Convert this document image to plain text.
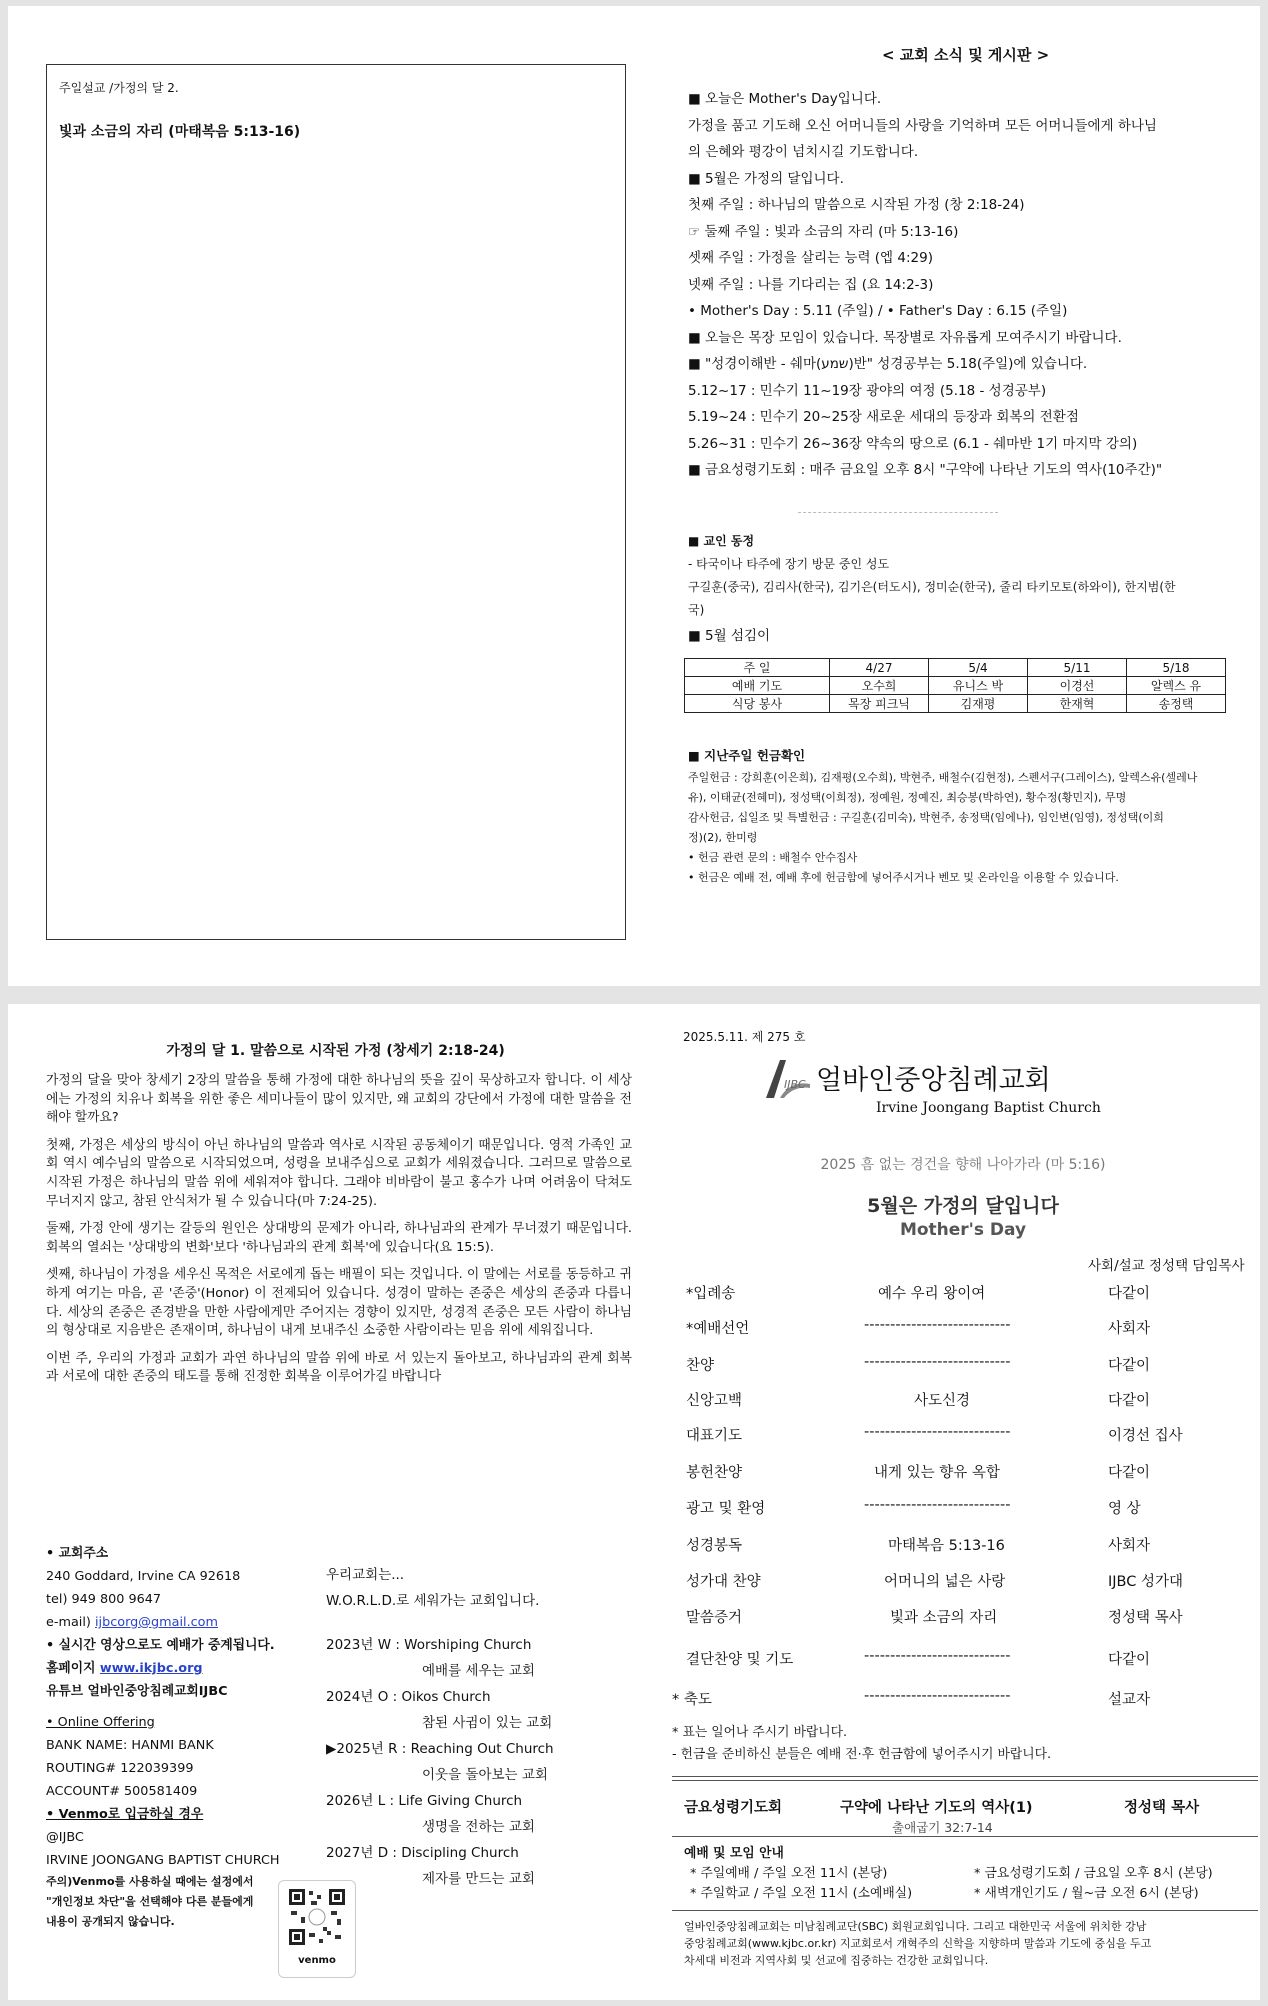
주일설교 /가정의 달 2.
빛과 소금의 자리 (마태복음 5:13-16)
< 교회 소식 및 게시판 >
■ 오늘은 Mother's Day입니다.
가정을 품고 기도해 오신 어머니들의 사랑을 기억하며 모든 어머니들에게 하나님
의 은혜와 평강이 넘치시길 기도합니다.
■ 5월은 가정의 달입니다.
첫째 주일 : 하나님의 말씀으로 시작된 가정 (창 2:18-24)
☞ 둘째 주일 : 빛과 소금의 자리 (마 5:13-16)
셋째 주일 : 가정을 살리는 능력 (엡 4:29)
넷째 주일 : 나를 기다리는 집 (요 14:2-3)
• Mother's Day : 5.11 (주일) / • Father's Day : 6.15 (주일)
■ 오늘은 목장 모임이 있습니다. 목장별로 자유롭게 모여주시기 바랍니다.
■ "성경이해반 - 쉐마(שמע)반" 성경공부는 5.18(주일)에 있습니다.
5.12~17 : 민수기 11~19장 광야의 여정 (5.18 - 성경공부)
5.19~24 : 민수기 20~25장 새로운 세대의 등장과 회복의 전환점
5.26~31 : 민수기 26~36장 약속의 땅으로 (6.1 - 쉐마반 1기 마지막 강의)
■ 금요성령기도회 : 매주 금요일 오후 8시 "구약에 나타난 기도의 역사(10주간)"
■ 교인 동정
- 타국이나 타주에 장기 방문 중인 성도
구길훈(중국), 김리사(한국), 김기은(터도시), 정미순(한국), 줄리 타키모토(하와이), 한지범(한
국)
■ 5월 섬김이
주 일	4/27	5/4	5/11	5/18
예배 기도	오수희	유니스 박	이경선	알렉스 유
식당 봉사	목장 피크닉	김재평	한재혁	송정택
■ 지난주일 헌금확인
주일헌금 : 강희훈(이은희), 김재평(오수희), 박현주, 배철수(김현정), 스펜서구(그레이스), 알렉스유(셀레나
유), 이태균(전혜미), 정성택(이희정), 정예원, 정예진, 최승봉(박하연), 황수정(황민지), 무명
감사헌금, 십일조 및 특별헌금 : 구길훈(김미숙), 박현주, 송정택(임에나), 임인변(임영), 정성택(이희
정)(2), 한미령
• 헌금 관련 문의 : 배철수 안수집사
• 헌금은 예배 전, 예배 후에 헌금함에 넣어주시거나 벤모 및 온라인을 이용할 수 있습니다.
가정의 달 1. 말씀으로 시작된 가정 (창세기 2:18-24)

가정의 달을 맞아 창세기 2장의 말씀을 통해 가정에 대한 하나님의 뜻을 깊이 묵상하고자 합니다. 이 세상에는 가정의 치유나 회복을 위한 좋은 세미나들이 많이 있지만, 왜 교회의 강단에서 가정에 대한 말씀을 전해야 할까요?

첫째, 가정은 세상의 방식이 아닌 하나님의 말씀과 역사로 시작된 공동체이기 때문입니다. 영적 가족인 교회 역시 예수님의 말씀으로 시작되었으며, 성령을 보내주심으로 교회가 세워졌습니다. 그러므로 말씀으로 시작된 가정은 하나님의 말씀 위에 세워져야 합니다. 그래야 비바람이 불고 홍수가 나며 어려움이 닥쳐도 무너지지 않고, 참된 안식처가 될 수 있습니다(마 7:24-25).

둘째, 가정 안에 생기는 갈등의 원인은 상대방의 문제가 아니라, 하나님과의 관계가 무너졌기 때문입니다. 회복의 열쇠는 '상대방의 변화'보다 '하나님과의 관계 회복'에 있습니다(요 15:5).

셋째, 하나님이 가정을 세우신 목적은 서로에게 돕는 배필이 되는 것입니다. 이 말에는 서로를 동등하고 귀하게 여기는 마음, 곧 '존중'(Honor) 이 전제되어 있습니다. 성경이 말하는 존중은 세상의 존중과 다릅니다. 세상의 존중은 존경받을 만한 사람에게만 주어지는 경향이 있지만, 성경적 존중은 모든 사람이 하나님의 형상대로 지음받은 존재이며, 하나님이 내게 보내주신 소중한 사람이라는 믿음 위에 세워집니다.

이번 주, 우리의 가정과 교회가 과연 하나님의 말씀 위에 바로 서 있는지 돌아보고, 하나님과의 관계 회복과 서로에 대한 존중의 태도를 통해 진정한 회복을 이루어가길 바랍니다

• 교회주소
240 Goddard, Irvine CA 92618
tel) 949 800 9647
e-mail) ijbcorg@gmail.com
• 실시간 영상으로도 예배가 중계됩니다.
홈페이지 www.ikjbc.org
유튜브 얼바인중앙침례교회IJBC
• Online Offering
BANK NAME: HANMI BANK
ROUTING# 122039399
ACCOUNT# 500581409
• Venmo로 입금하실 경우
@IJBC
IRVINE JOONGANG BAPTIST CHURCH
주의)Venmo를 사용하실 때에는 설정에서
"개인정보 차단"을 선택해야 다른 분들에게
내용이 공개되지 않습니다.
우리교회는...
W.O.R.L.D.로 세워가는 교회입니다.
2023년 W : Worshiping Church
예배를 세우는 교회
2024년 O : Oikos Church
참된 사귐이 있는 교회
▶2025년 R : Reaching Out Church
이웃을 돌아보는 교회
2026년 L : Life Giving Church
생명을 전하는 교회
2027년 D : Discipling Church
제자를 만드는 교회
venmo
2025.5.11. 제 275 호
IJBC 얼바인중앙침례교회
Irvine Joongang Baptist Church
2025 흠 없는 경건을 향해 나아가라 (마 5:16)
5월은 가정의 달입니다
Mother's Day
사회/설교 정성택 담임목사
*입례송	예수 우리 왕이여	다같이
*예배선언	----------------------------	사회자
찬양	----------------------------	다같이
신앙고백	사도신경	다같이
대표기도	----------------------------	이경선 집사
봉헌찬양	내게 있는 향유 옥합	다같이
광고 및 환영	----------------------------	영 상
성경봉독	마태복음 5:13-16	사회자
성가대 찬양	어머니의 넓은 사랑	IJBC 성가대
말씀증거	빛과 소금의 자리	정성택 목사
결단찬양 및 기도	----------------------------	다같이
* 축도	----------------------------	설교자
* 표는 일어나 주시기 바랍니다.
- 헌금을 준비하신 분들은 예배 전·후 헌금함에 넣어주시기 바랍니다.
금요성령기도회	구약에 나타난 기도의 역사(1)	정성택 목사
출애굽기 32:7-14
예배 및 모임 안내
* 주일예배 / 주일 오전 11시 (본당)	* 금요성령기도회 / 금요일 오후 8시 (본당)
* 주일학교 / 주일 오전 11시 (소예배실)	* 새벽개인기도 / 월~금 오전 6시 (본당)
얼바인중앙침례교회는 미남침례교단(SBC) 회원교회입니다. 그리고 대한민국 서울에 위치한 강남
중앙침례교회(www.kjbc.or.kr) 지교회로서 개혁주의 신학을 지향하며 말씀과 기도에 중심을 두고
차세대 비전과 지역사회 및 선교에 집중하는 건강한 교회입니다.
